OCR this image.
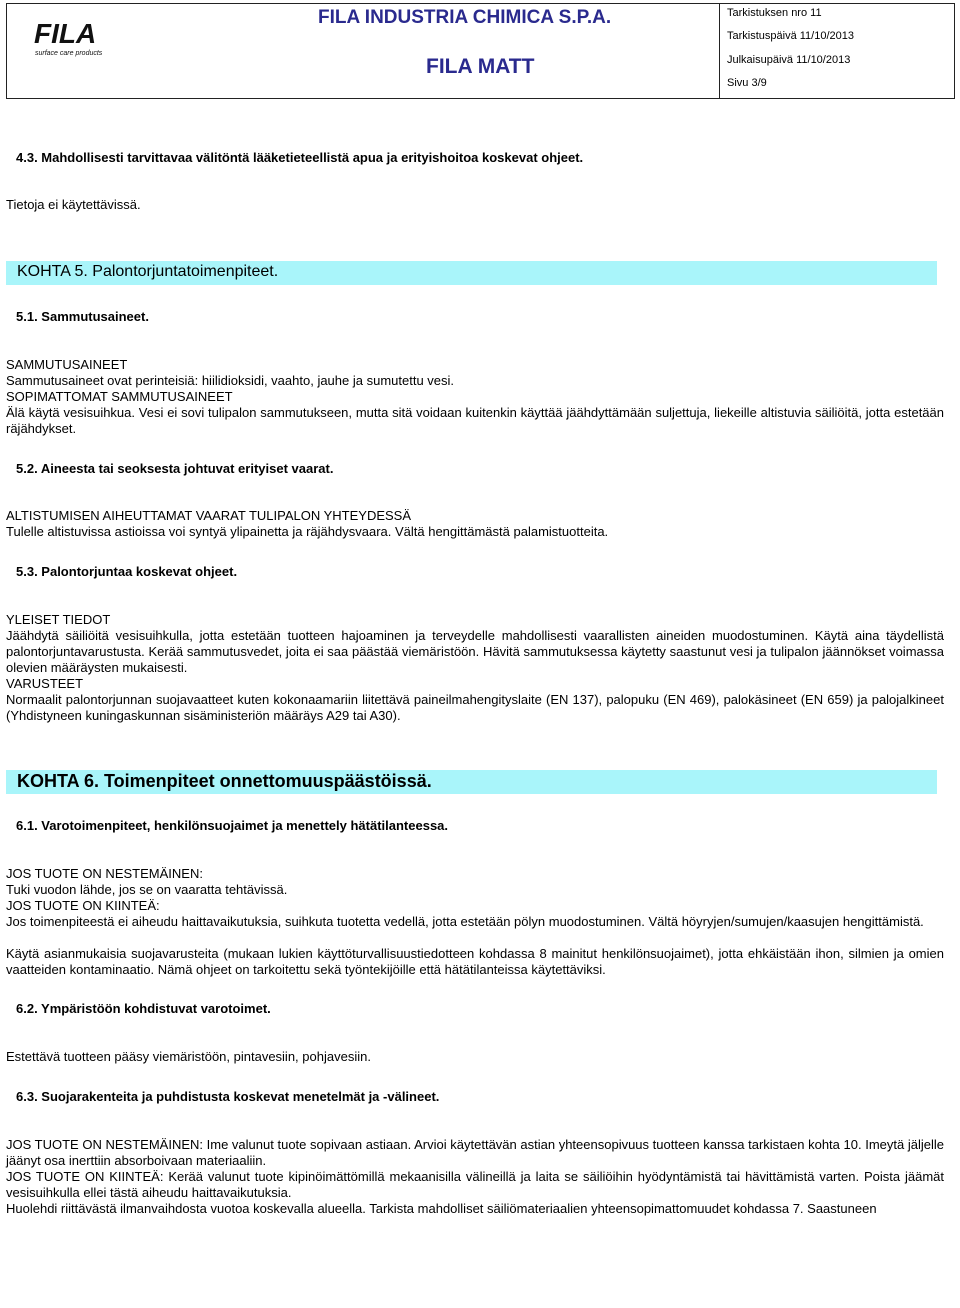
FILA
surface care products
FILA INDUSTRIA CHIMICA S.P.A.
FILA MATT
Tarkistuksen nro 11
Tarkistuspäivä 11/10/2013
Julkaisupäivä 11/10/2013
Sivu 3/9
4.3. Mahdollisesti tarvittavaa välitöntä lääketieteellistä apua ja erityishoitoa koskevat ohjeet.
Tietoja ei käytettävissä.
KOHTA 5. Palontorjuntatoimenpiteet.
5.1. Sammutusaineet.
SAMMUTUSAINEET
Sammutusaineet ovat perinteisiä: hiilidioksidi, vaahto, jauhe ja sumutettu vesi.
SOPIMATTOMAT SAMMUTUSAINEET
Älä käytä vesisuihkua. Vesi ei sovi tulipalon sammutukseen, mutta sitä voidaan kuitenkin käyttää jäähdyttämään suljettuja, liekeille altistuvia säiliöitä, jotta estetään räjähdykset.
5.2. Aineesta tai seoksesta johtuvat erityiset vaarat.
ALTISTUMISEN AIHEUTTAMAT VAARAT TULIPALON YHTEYDESSÄ
Tulelle altistuvissa astioissa voi syntyä ylipainetta ja räjähdysvaara. Vältä hengittämästä palamistuotteita.
5.3. Palontorjuntaa koskevat ohjeet.
YLEISET TIEDOT
Jäähdytä säiliöitä vesisuihkulla, jotta estetään tuotteen hajoaminen ja terveydelle mahdollisesti vaarallisten aineiden muodostuminen. Käytä aina täydellistä palontorjuntavarustusta. Kerää sammutusvedet, joita ei saa päästää viemäristöön. Hävitä sammutuksessa käytetty saastunut vesi ja tulipalon jäännökset voimassa olevien määräysten mukaisesti.
VARUSTEET
Normaalit palontorjunnan suojavaatteet kuten kokonaamariin liitettävä paineilmahengityslaite (EN 137), palopuku (EN 469), palokäsineet (EN 659) ja palojalkineet (Yhdistyneen kuningaskunnan sisäministeriön määräys A29 tai A30).
KOHTA 6. Toimenpiteet onnettomuuspäästöissä.
6.1. Varotoimenpiteet, henkilönsuojaimet ja menettely hätätilanteessa.
JOS TUOTE ON NESTEMÄINEN:
Tuki vuodon lähde, jos se on vaaratta tehtävissä.
JOS TUOTE ON KIINTEÄ:
Jos toimenpiteestä ei aiheudu haittavaikutuksia, suihkuta tuotetta vedellä, jotta estetään pölyn muodostuminen. Vältä höyryjen/sumujen/kaasujen hengittämistä.
Käytä asianmukaisia suojavarusteita (mukaan lukien käyttöturvallisuustiedotteen kohdassa 8 mainitut henkilönsuojaimet), jotta ehkäistään ihon, silmien ja omien vaatteiden kontaminaatio. Nämä ohjeet on tarkoitettu sekä työntekijöille että hätätilanteissa käytettäviksi.
6.2. Ympäristöön kohdistuvat varotoimet.
Estettävä tuotteen pääsy viemäristöön, pintavesiin, pohjavesiin.
6.3. Suojarakenteita ja puhdistusta koskevat menetelmät ja -välineet.
JOS TUOTE ON NESTEMÄINEN: Ime valunut tuote sopivaan astiaan. Arvioi käytettävän astian yhteensopivuus tuotteen kanssa tarkistaen kohta 10. Imeytä jäljelle jäänyt osa inerttiin absorboivaan materiaaliin.
JOS TUOTE ON KIINTEÄ: Kerää valunut tuote kipinöimättömillä mekaanisilla välineillä ja laita se säiliöihin hyödyntämistä tai hävittämistä varten. Poista jäämät vesisuihkulla ellei tästä aiheudu haittavaikutuksia.
Huolehdi riittävästä ilmanvaihdosta vuotoa koskevalla alueella. Tarkista mahdolliset säiliömateriaalien yhteensopimattomuudet kohdassa 7. Saastuneen
